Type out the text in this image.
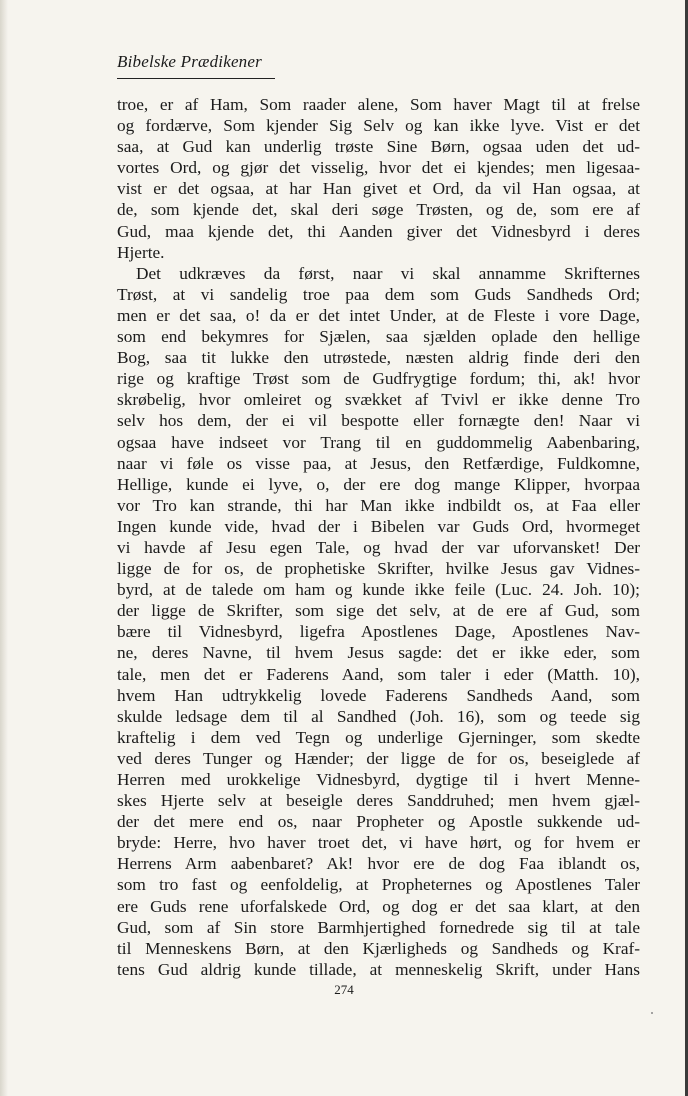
Bibelske Prædikener
troe, er af Ham, Som raader alene, Som haver Magt til at frelse
og fordærve, Som kjender Sig Selv og kan ikke lyve. Vist er det
saa, at Gud kan underlig trøste Sine Børn, ogsaa uden det ud-
vortes Ord, og gjør det visselig, hvor det ei kjendes; men ligesaa-
vist er det ogsaa, at har Han givet et Ord, da vil Han ogsaa, at
de, som kjende det, skal deri søge Trøsten, og de, som ere af
Gud, maa kjende det, thi Aanden giver det Vidnesbyrd i deres
Hjerte.
Det udkræves da først, naar vi skal annamme Skrifternes
Trøst, at vi sandelig troe paa dem som Guds Sandheds Ord;
men er det saa, o! da er det intet Under, at de Fleste i vore Dage,
som end bekymres for Sjælen, saa sjælden oplade den hellige
Bog, saa tit lukke den utrøstede, næsten aldrig finde deri den
rige og kraftige Trøst som de Gudfrygtige fordum; thi, ak! hvor
skrøbelig, hvor omleiret og svækket af Tvivl er ikke denne Tro
selv hos dem, der ei vil bespotte eller fornægte den! Naar vi
ogsaa have indseet vor Trang til en guddommelig Aabenbaring,
naar vi føle os visse paa, at Jesus, den Retfærdige, Fuldkomne,
Hellige, kunde ei lyve, o, der ere dog mange Klipper, hvorpaa
vor Tro kan strande, thi har Man ikke indbildt os, at Faa eller
Ingen kunde vide, hvad der i Bibelen var Guds Ord, hvormeget
vi havde af Jesu egen Tale, og hvad der var uforvansket! Der
ligge de for os, de prophetiske Skrifter, hvilke Jesus gav Vidnes-
byrd, at de talede om ham og kunde ikke feile (Luc. 24. Joh. 10);
der ligge de Skrifter, som sige det selv, at de ere af Gud, som
bære til Vidnesbyrd, ligefra Apostlenes Dage, Apostlenes Nav-
ne, deres Navne, til hvem Jesus sagde: det er ikke eder, som
tale, men det er Faderens Aand, som taler i eder (Matth. 10),
hvem Han udtrykkelig lovede Faderens Sandheds Aand, som
skulde ledsage dem til al Sandhed (Joh. 16), som og teede sig
kraftelig i dem ved Tegn og underlige Gjerninger, som skedte
ved deres Tunger og Hænder; der ligge de for os, beseiglede af
Herren med urokkelige Vidnesbyrd, dygtige til i hvert Menne-
skes Hjerte selv at beseigle deres Sanddruhed; men hvem gjæl-
der det mere end os, naar Propheter og Apostle sukkende ud-
bryde: Herre, hvo haver troet det, vi have hørt, og for hvem er
Herrens Arm aabenbaret? Ak! hvor ere de dog Faa iblandt os,
som tro fast og eenfoldelig, at Propheternes og Apostlenes Taler
ere Guds rene uforfalskede Ord, og dog er det saa klart, at den
Gud, som af Sin store Barmhjertighed fornedrede sig til at tale
til Menneskens Børn, at den Kjærligheds og Sandheds og Kraf-
tens Gud aldrig kunde tillade, at menneskelig Skrift, under Hans
274
